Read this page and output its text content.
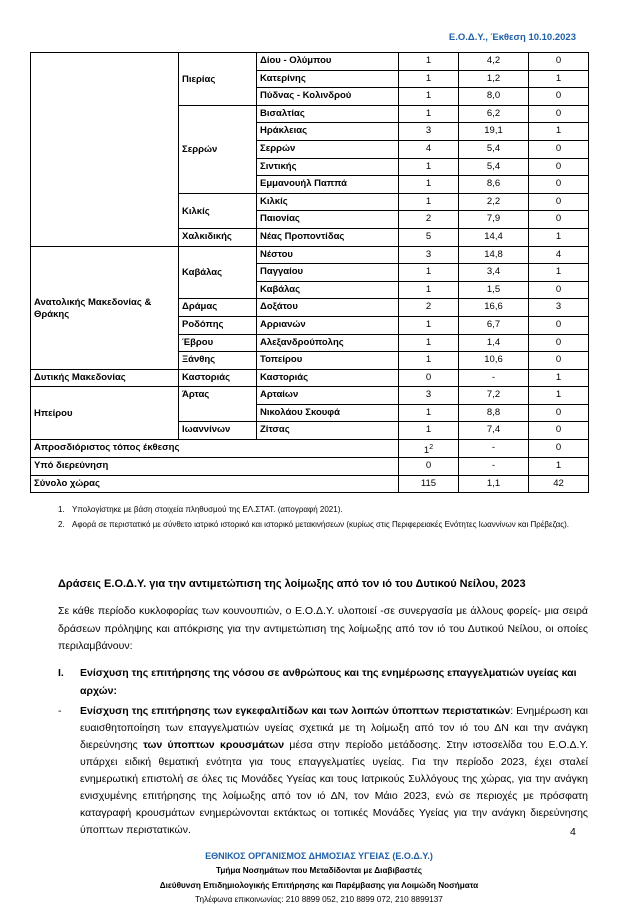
Ε.Ο.Δ.Υ., Έκθεση 10.10.2023
	Πιερίας	Δίου - Ολύμπου	1	4,2	0
		Κατερίνης	1	1,2	1
		Πύδνας - Κολινδρού	1	8,0	0
	Σερρών	Βισαλτίας	1	6,2	0
		Ηράκλειας	3	19,1	1
		Σερρών	4	5,4	0
		Σιντικής	1	5,4	0
		Εμμανουήλ Παππά	1	8,6	0
	Κιλκίς	Κιλκίς	1	2,2	0
		Παιονίας	2	7,9	0
	Χαλκιδικής	Νέας Προποντίδας	5	14,4	1
Ανατολικής Μακεδονίας & Θράκης	Καβάλας	Νέστου	3	14,8	4
		Παγγαίου	1	3,4	1
		Καβάλας	1	1,5	0
	Δράμας	Δοξάτου	2	16,6	3
	Ροδόπης	Αρριανών	1	6,7	0
	Έβρου	Αλεξανδρούπολης	1	1,4	0
	Ξάνθης	Τοπείρου	1	10,6	0
Δυτικής Μακεδονίας	Καστοριάς	Καστοριάς	0	-	1
Ηπείρου	Άρτας	Αρταίων	3	7,2	1
		Νικολάου Σκουφά	1	8,8	0
	Ιωαννίνων	Ζίτσας	1	7,4	0
Απροσδιόριστος τόπος έκθεσης			$1^2$	-	0
Υπό διερεύνηση			0	-	1
Σύνολο χώρας			115	1,1	42
1. Υπολογίστηκε με βάση στοιχεία πληθυσμού της ΕΛ.ΣΤΑΤ. (απογραφή 2021).
2. Αφορά σε περιστατικό με σύνθετο ιατρικό ιστορικό και ιστορικό μετακινήσεων (κυρίως στις Περιφερειακές Ενότητες Ιωαννίνων και Πρέβεζας).
Δράσεις Ε.Ο.Δ.Υ. για την αντιμετώπιση της λοίμωξης από τον ιό του Δυτικού Νείλου, 2023
Σε κάθε περίοδο κυκλοφορίας των κουνουπιών, ο Ε.Ο.Δ.Υ. υλοποιεί -σε συνεργασία με άλλους φορείς- μια σειρά δράσεων πρόληψης και απόκρισης για την αντιμετώπιση της λοίμωξης από τον ιό του Δυτικού Νείλου, οι οποίες περιλαμβάνουν:
I.	Ενίσχυση της επιτήρησης της νόσου σε ανθρώπους και της ενημέρωσης επαγγελματιών υγείας και αρχών:
-	Ενίσχυση της επιτήρησης των εγκεφαλιτίδων και των λοιπών ύποπτων περιστατικών: Ενημέρωση και ευαισθητοποίηση των επαγγελματιών υγείας σχετικά με τη λοίμωξη από τον ιό του ΔΝ και την ανάγκη διερεύνησης των ύποπτων κρουσμάτων μέσα στην περίοδο μετάδοσης. Στην ιστοσελίδα του Ε.Ο.Δ.Υ. υπάρχει ειδική θεματική ενότητα για τους επαγγελματίες υγείας. Για την περίοδο 2023, έχει σταλεί ενημερωτική επιστολή σε όλες τις Μονάδες Υγείας και τους Ιατρικούς Συλλόγους της χώρας, για την ανάγκη ενισχυμένης επιτήρησης της λοίμωξης από τον ιό ΔΝ, τον Μάιο 2023, ενώ σε περιοχές με πρόσφατη καταγραφή κρουσμάτων ενημερώνονται εκτάκτως οι τοπικές Μονάδες Υγείας για την ανάγκη διερεύνησης ύποπτων περιστατικών.	4
ΕΘΝΙΚΟΣ ΟΡΓΑΝΙΣΜΟΣ ΔΗΜΟΣΙΑΣ ΥΓΕΙΑΣ (Ε.Ο.Δ.Υ.)
Τμήμα Νοσημάτων που Μεταδίδονται με Διαβιβαστές
Διεύθυνση Επιδημιολογικής Επιτήρησης και Παρέμβασης για Λοιμώδη Νοσήματα
Τηλέφωνα επικοινωνίας: 210 8899 052, 210 8899 072, 210 8899137
